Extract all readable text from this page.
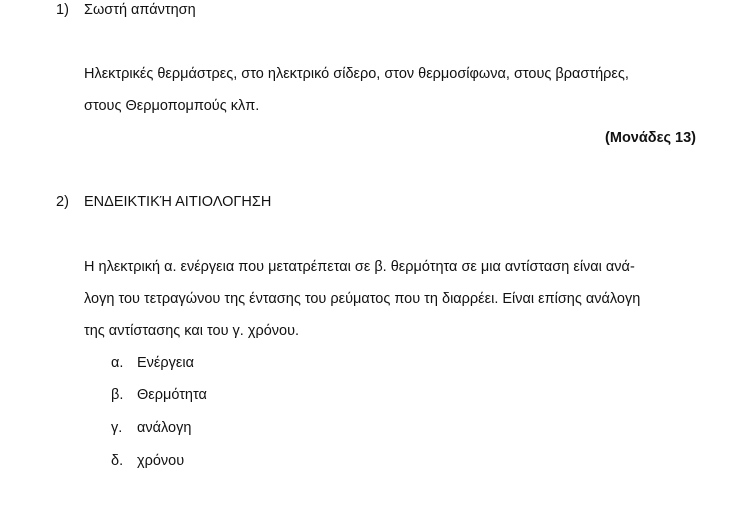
1) Σωστή απάντηση
Ηλεκτρικές θερμάστρες, στο ηλεκτρικό σίδερο, στον θερμοσίφωνα, στους βραστήρες,
στους Θερμοπομπούς κλπ.
(Μονάδες 13)
2) ΕΝΔΕΙΚΤΙΚΉ ΑΙΤΙΟΛΟΓΗΣΗ
Η ηλεκτρική α. ενέργεια που μετατρέπεται σε β. θερμότητα σε μια αντίσταση είναι ανά-
λογη του τετραγώνου της έντασης του ρεύματος που τη διαρρέει. Είναι επίσης ανάλογη
της αντίστασης και του γ. χρόνου.
α. Ενέργεια
β. Θερμότητα
γ. ανάλογη
δ. χρόνου
